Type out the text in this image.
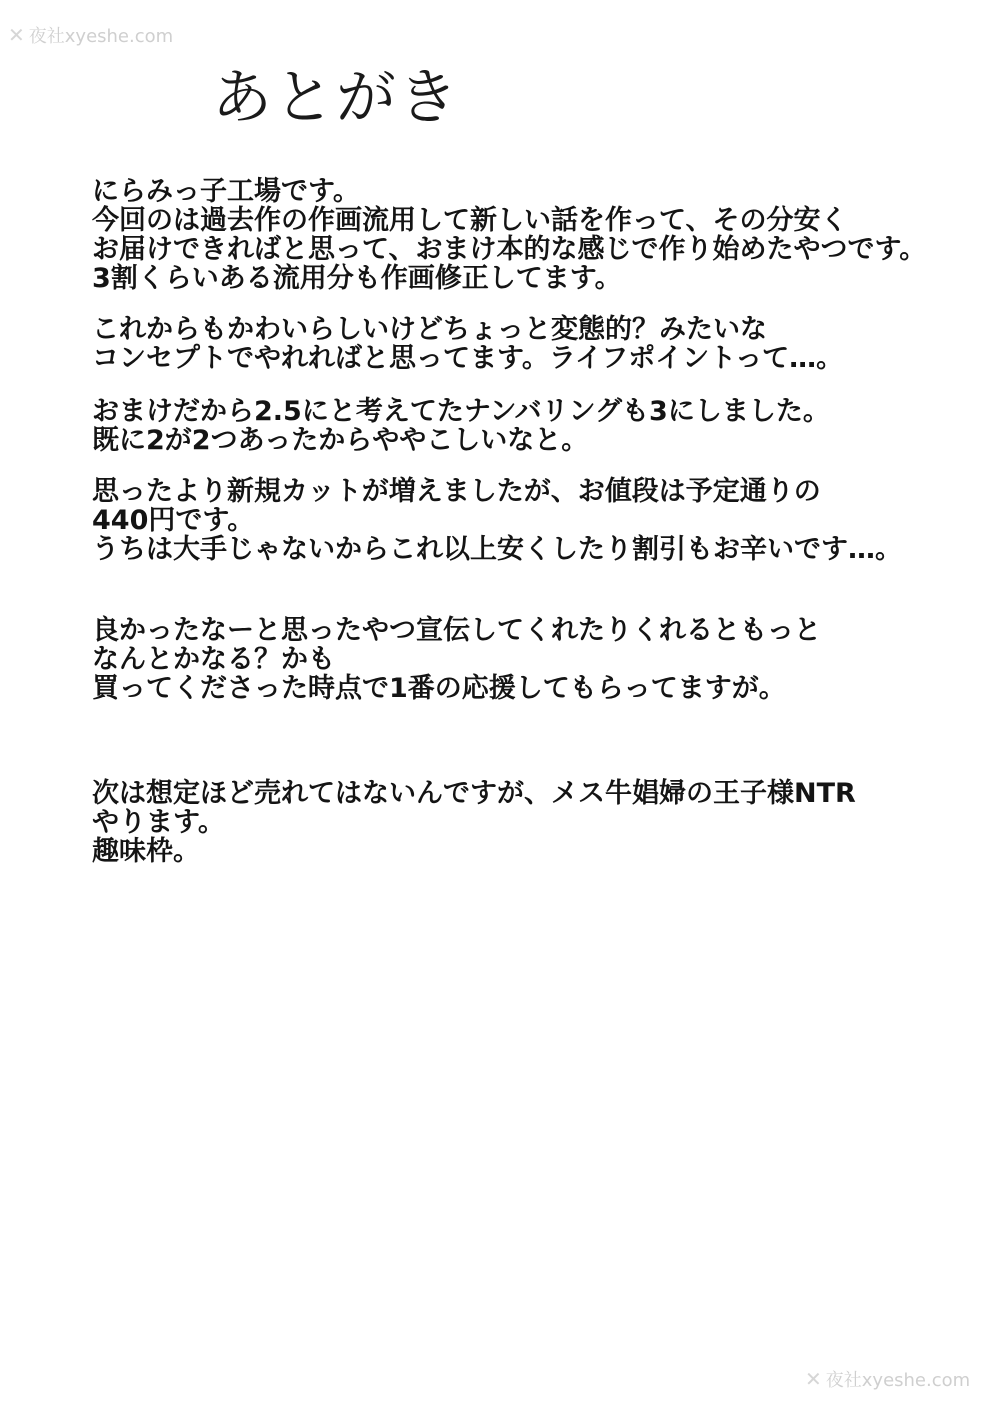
✕ 夜社xyeshe.com
あとがき
にらみっ子工場です。
今回のは過去作の作画流用して新しい話を作って、その分安く
お届けできればと思って、おまけ本的な感じで作り始めたやつです。
3割くらいある流用分も作画修正してます。
これからもかわいらしいけどちょっと変態的？みたいな
コンセプトでやれればと思ってます。ライフポイントって…。
おまけだから2.5にと考えてたナンバリングも3にしました。
既に2が2つあったからややこしいなと。
思ったより新規カットが増えましたが、お値段は予定通りの
440円です。
うちは大手じゃないからこれ以上安くしたり割引もお辛いです…。
良かったなーと思ったやつ宣伝してくれたりくれるともっと
なんとかなる？かも
買ってくださった時点で1番の応援してもらってますが。
次は想定ほど売れてはないんですが、メス牛娼婦の王子様NTR
やります。
趣味枠。
✕ 夜社xyeshe.com
